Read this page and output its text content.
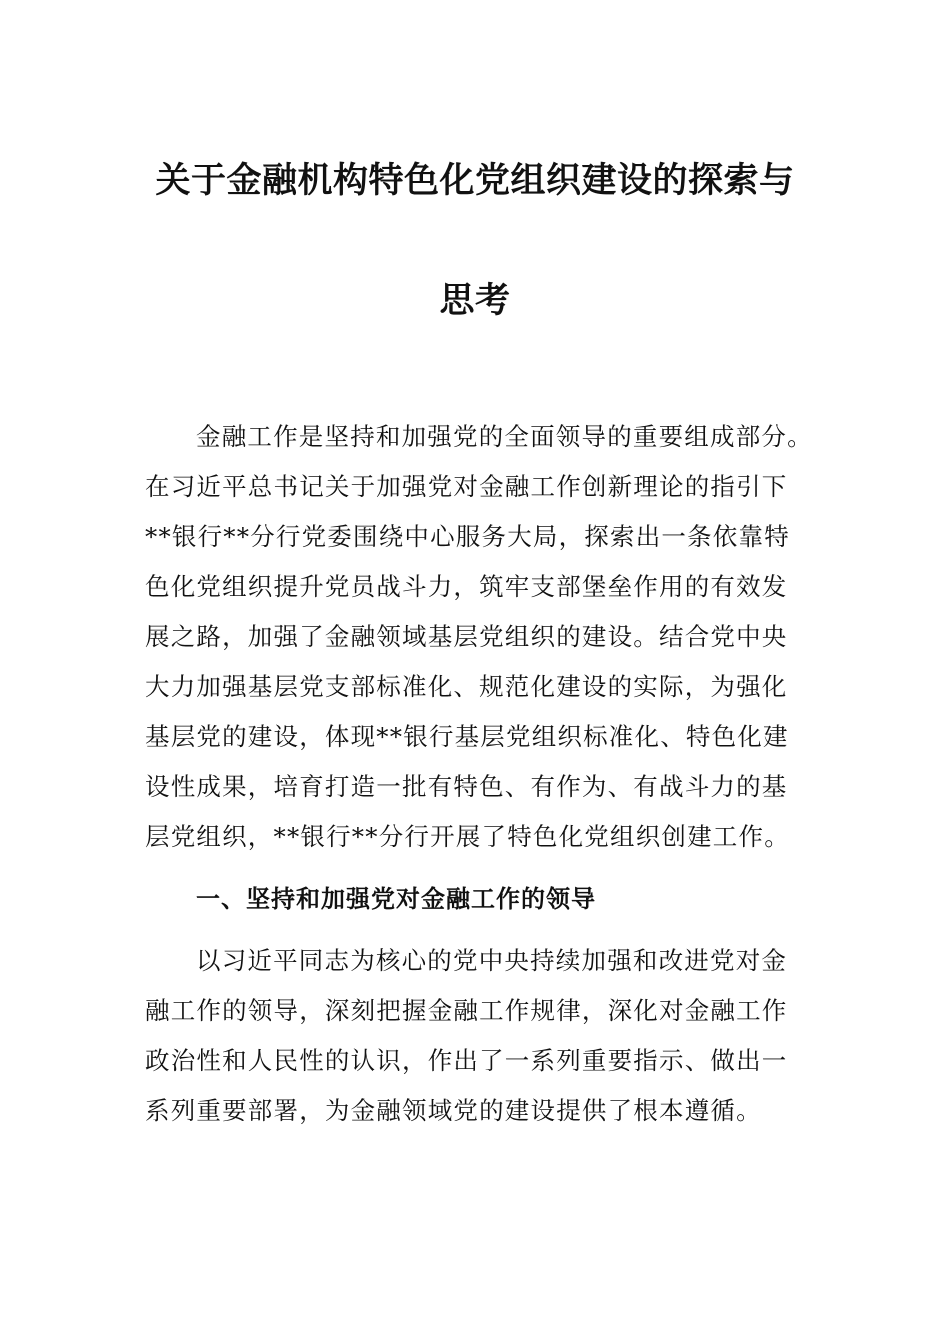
关于金融机构特色化党组织建设的探索与
思考
金融工作是坚持和加强党的全面领导的重要组成部分。
在习近平总书记关于加强党对金融工作创新理论的指引下
**银行**分行党委围绕中心服务大局，探索出一条依靠特
色化党组织提升党员战斗力，筑牢支部堡垒作用的有效发
展之路，加强了金融领域基层党组织的建设。结合党中央
大力加强基层党支部标准化、规范化建设的实际，为强化
基层党的建设，体现**银行基层党组织标准化、特色化建
设性成果，培育打造一批有特色、有作为、有战斗力的基
层党组织，**银行**分行开展了特色化党组织创建工作。
一、坚持和加强党对金融工作的领导
以习近平同志为核心的党中央持续加强和改进党对金
融工作的领导，深刻把握金融工作规律，深化对金融工作
政治性和人民性的认识，作出了一系列重要指示、做出一
系列重要部署，为金融领域党的建设提供了根本遵循。
